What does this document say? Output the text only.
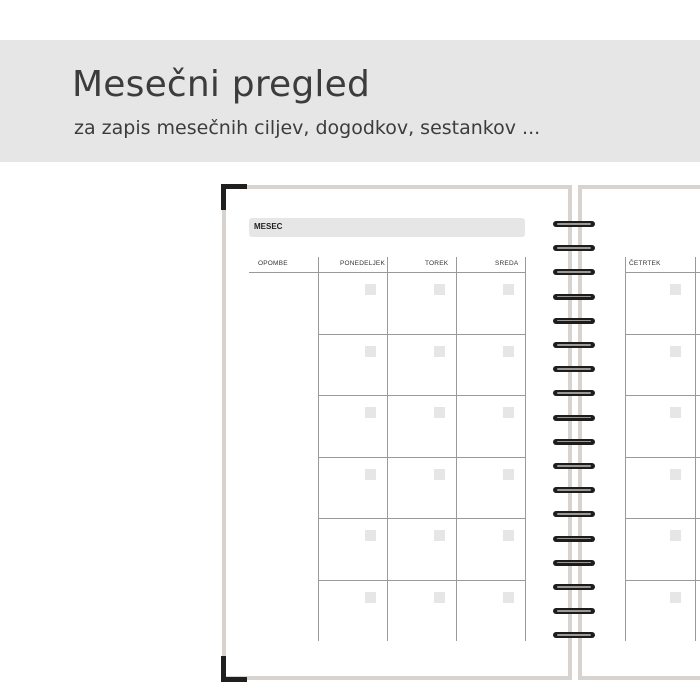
Mesečni pregled
za zapis mesečnih ciljev, dogodkov, sestankov ...
MESEC
OPOMBE	PONEDELJEK	TOREK	SREDA	ČETRTEK
